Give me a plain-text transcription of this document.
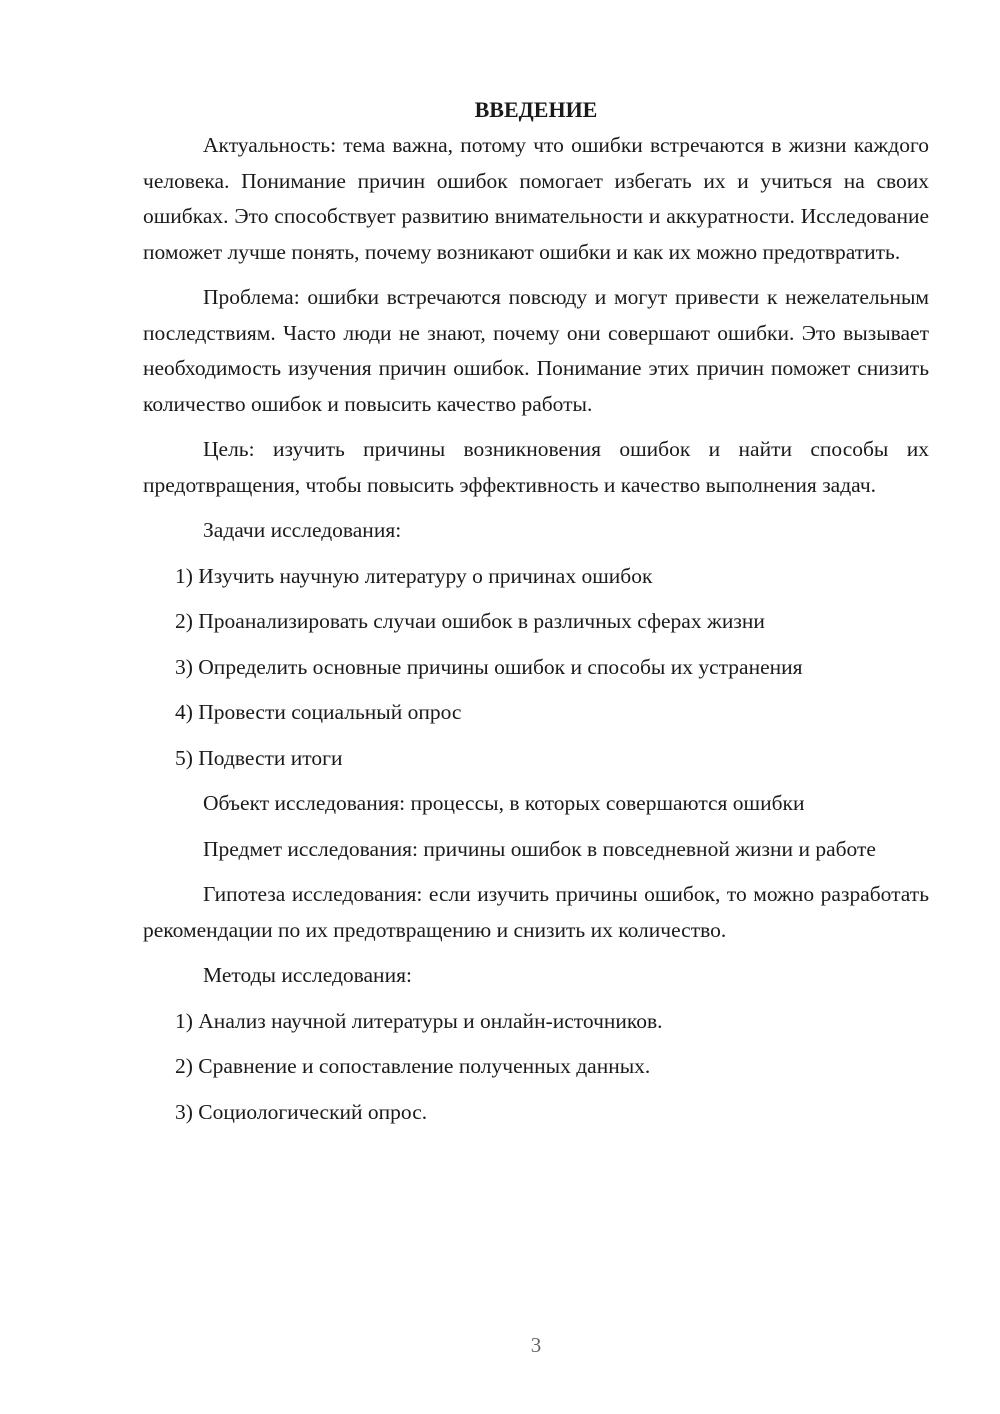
ВВЕДЕНИЕ

Актуальность: тема важна, потому что ошибки встречаются в жизни каждого человека. Понимание причин ошибок помогает избегать их и учиться на своих ошибках. Это способствует развитию внимательности и аккуратности. Исследование поможет лучше понять, почему возникают ошибки и как их можно предотвратить.

Проблема: ошибки встречаются повсюду и могут привести к нежелательным последствиям. Часто люди не знают, почему они совершают ошибки. Это вызывает необходимость изучения причин ошибок. Понимание этих причин поможет снизить количество ошибок и повысить качество работы.

Цель: изучить причины возникновения ошибок и найти способы их предотвращения, чтобы повысить эффективность и качество выполнения задач.

Задачи исследования:

1) Изучить научную литературу о причинах ошибок

2) Проанализировать случаи ошибок в различных сферах жизни

3) Определить основные причины ошибок и способы их устранения

4) Провести социальный опрос

5) Подвести итоги

Объект исследования: процессы, в которых совершаются ошибки

Предмет исследования: причины ошибок в повседневной жизни и работе

Гипотеза исследования: если изучить причины ошибок, то можно разработать рекомендации по их предотвращению и снизить их количество.

Методы исследования:

1) Анализ научной литературы и онлайн-источников.

2) Сравнение и сопоставление полученных данных.

3) Социологический опрос.

3
